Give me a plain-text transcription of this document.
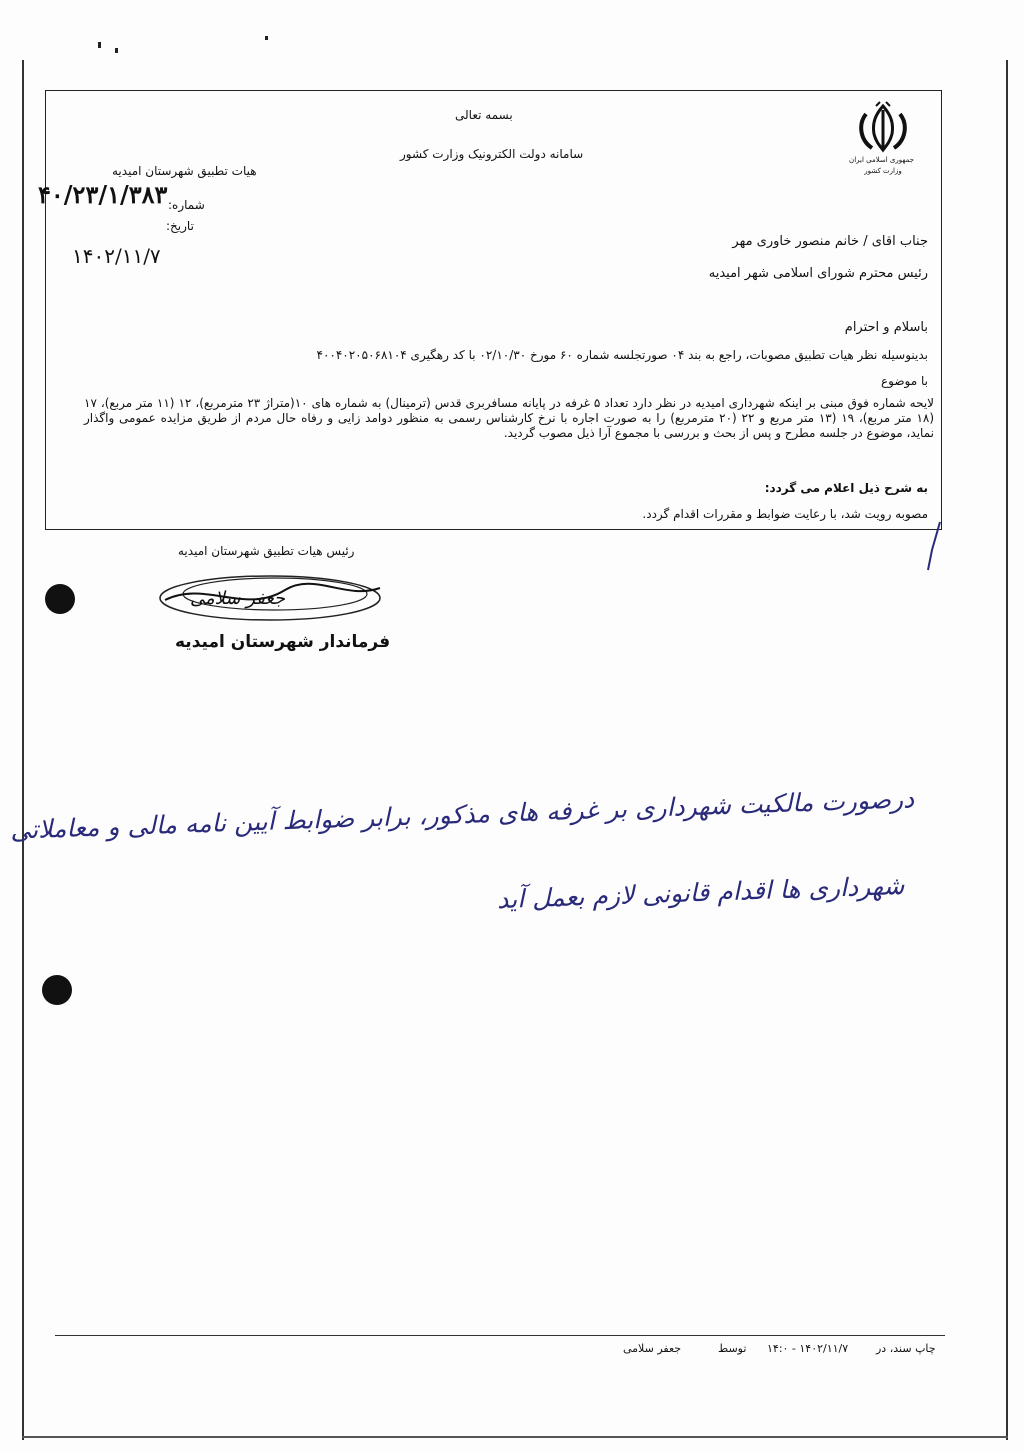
جمهوری اسلامی ایران
وزارت کشور
بسمه تعالی
سامانه دولت الکترونیک وزارت کشور
هیات تطبیق شهرستان امیدیه
۴۰/۲۳/۱/۳۸۳ شماره:
تاریخ:
۱۴۰۲/۱۱/۷
جناب اقای / خانم منصور خاوری مهر
رئیس محترم شورای اسلامی شهر امیدیه
باسلام و احترام
بدینوسیله نظر هیات تطبیق مصوبات، راجع به بند ۰۴ صورتجلسه شماره ۶۰ مورخ ۰۲/۱۰/۳۰ با کد رهگیری ۴۰۰۴۰۲۰۵۰۶۸۱۰۴
با موضوع
لایحه شماره فوق مبنی بر اینکه شهرداری امیدیه در نظر دارد تعداد ۵ غرفه در پایانه مسافربری قدس (ترمینال) به شماره های ۱۰(متراژ ۲۳ مترمربع)، ۱۲ (۱۱ متر مربع)، ۱۷ (۱۸ متر مربع)، ۱۹ (۱۳ متر مربع و ۲۲ (۲۰ مترمربع) را به صورت اجاره با نرخ کارشناس رسمی به منظور دوامد زایی و رفاه حال مردم از طریق مزایده عمومی واگذار نماید، موضوع در جلسه مطرح و پس از بحث و بررسی با مجموع آرا ذیل مصوب گردید.
به شرح ذیل اعلام می گردد:
مصوبه رویت شد، با رعایت ضوابط و مقررات اقدام گردد.
رئیس هیات تطبیق شهرستان امیدیه
جعفر سلامی
فرماندار شهرستان امیدیه
درصورت مالکیت شهرداری بر غرفه های مذکور، برابر ضوابط آیین نامه مالی و معاملاتی
شهرداری ها اقدام قانونی لازم بعمل آید
چاپ سند، در
۱۴:۰ - ۱۴۰۲/۱۱/۷
توسط
جعفر سلامی
